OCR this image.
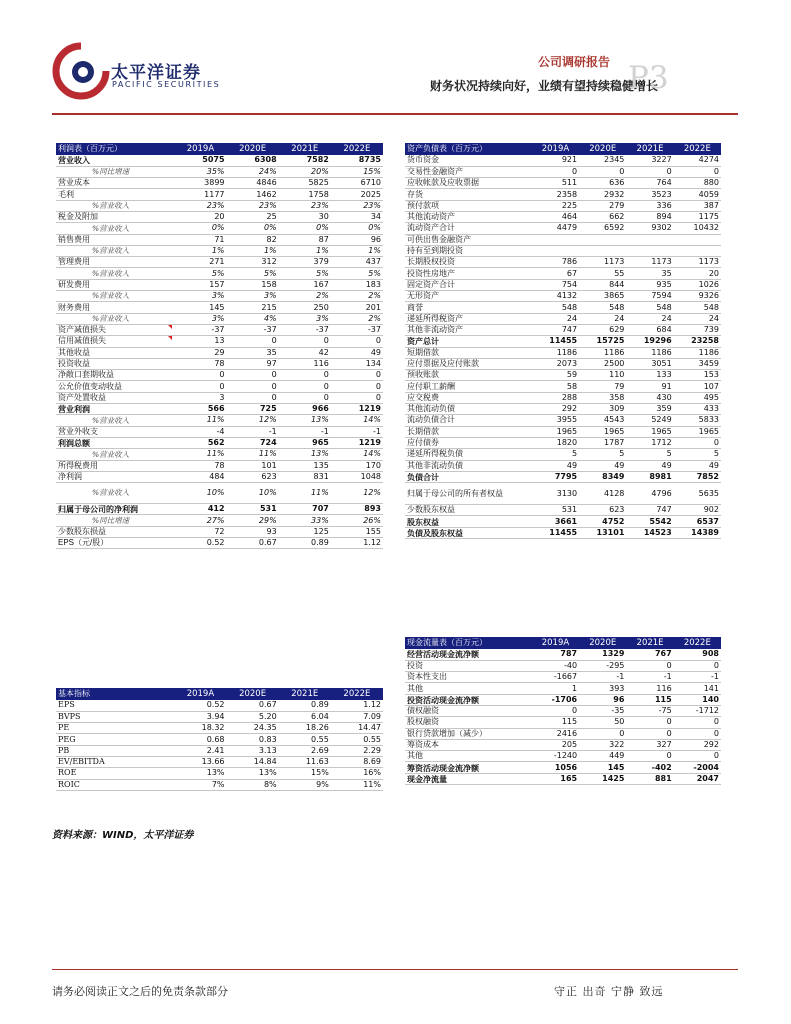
太平洋证券
PACIFIC SECURITIES
公司调研报告
财务状况持续向好，业绩有望持续稳健增长
P3
利润表（百万元）	2019A	2020E	2021E	2022E
营业收入	5075	6308	7582	8735
%同比增速	35%	24%	20%	15%
营业成本	3899	4846	5825	6710
毛利	1177	1462	1758	2025
%营业收入	23%	23%	23%	23%
税金及附加	20	25	30	34
%营业收入	0%	0%	0%	0%
销售费用	71	82	87	96
%营业收入	1%	1%	1%	1%
管理费用	271	312	379	437
%营业收入	5%	5%	5%	5%
研发费用	157	158	167	183
%营业收入	3%	3%	2%	2%
财务费用	145	215	250	201
%营业收入	3%	4%	3%	2%
资产减值损失	-37	-37	-37	-37
信用减值损失	13	0	0	0
其他收益	29	35	42	49
投资收益	78	97	116	134
净敞口套期收益	0	0	0	0
公允价值变动收益	0	0	0	0
资产处置收益	3	0	0	0
营业利润	566	725	966	1219
%营业收入	11%	12%	13%	14%
营业外收支	-4	-1	-1	-1
利润总额	562	724	965	1219
%营业收入	11%	11%	13%	14%
所得税费用	78	101	135	170
净利润	484	623	831	1048
%营业收入	10%	10%	11%	12%
归属于母公司的净利润	412	531	707	893
%同比增速	27%	29%	33%	26%
少数股东损益	72	93	125	155
EPS（元/股）	0.52	0.67	0.89	1.12
资产负债表（百万元）	2019A	2020E	2021E	2022E
货币资金	921	2345	3227	4274
交易性金融资产	0	0	0	0
应收帐款及应收票据	511	636	764	880
存货	2358	2932	3523	4059
预付款项	225	279	336	387
其他流动资产	464	662	894	1175
流动资产合计	4479	6592	9302	10432
可供出售金融资产				
持有至到期投资				
长期股权投资	786	1173	1173	1173
投资性房地产	67	55	35	20
固定资产合计	754	844	935	1026
无形资产	4132	3865	7594	9326
商誉	548	548	548	548
递延所得税资产	24	24	24	24
其他非流动资产	747	629	684	739
资产总计	11455	15725	19296	23258
短期借款	1186	1186	1186	1186
应付票据及应付账款	2073	2500	3051	3459
预收账款	59	110	133	153
应付职工薪酬	58	79	91	107
应交税费	288	358	430	495
其他流动负债	292	309	359	433
流动负债合计	3955	4543	5249	5833
长期借款	1965	1965	1965	1965
应付债券	1820	1787	1712	0
递延所得税负债	5	5	5	5
其他非流动负债	49	49	49	49
负债合计	7795	8349	8981	7852
归属于母公司的所有者权益	3130	4128	4796	5635
少数股东权益	531	623	747	902
股东权益	3661	4752	5542	6537
负债及股东权益	11455	13101	14523	14389
基本指标	2019A	2020E	2021E	2022E
EPS	0.52	0.67	0.89	1.12
BVPS	3.94	5.20	6.04	7.09
PE	18.32	24.35	18.26	14.47
PEG	0.68	0.83	0.55	0.55
PB	2.41	3.13	2.69	2.29
EV/EBITDA	13.66	14.84	11.63	8.69
ROE	13%	13%	15%	16%
ROIC	7%	8%	9%	11%
现金流量表（百万元）	2019A	2020E	2021E	2022E
经营活动现金流净额	787	1329	767	908
投资	-40	-295	0	0
资本性支出	-1667	-1	-1	-1
其他	1	393	116	141
投资活动现金流净额	-1706	96	115	140
债权融资	0	-35	-75	-1712
股权融资	115	50	0	0
银行贷款增加（减少）	2416	0	0	0
筹资成本	205	322	327	292
其他	-1240	449	0	0
筹资活动现金流净额	1056	145	-402	-2004
现金净流量	165	1425	881	2047
资料来源：WIND，太平洋证券
请务必阅读正文之后的免责条款部分	守正 出奇 宁静 致远
